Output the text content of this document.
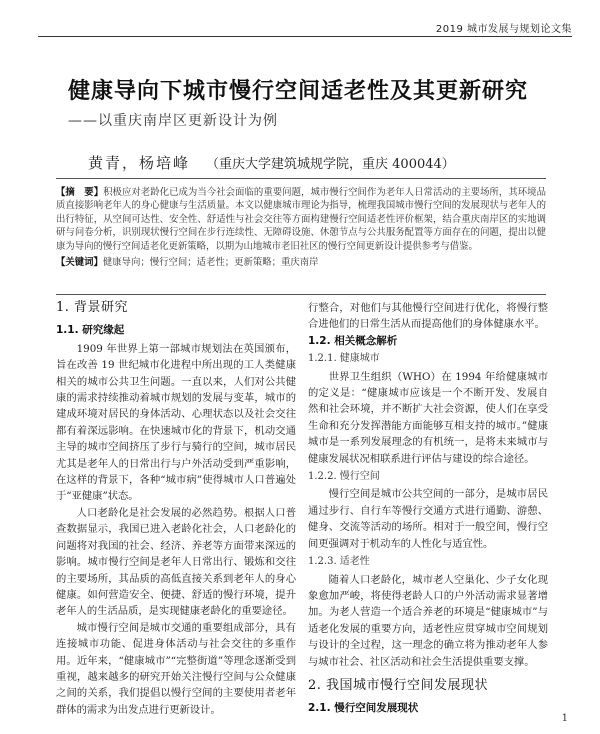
2019 城市发展与规划论文集
健康导向下城市慢行空间适老性及其更新研究
——以重庆南岸区更新设计为例
黄青，杨培峰 （重庆大学建筑城规学院，重庆 400044）
【摘　要】积极应对老龄化已成为当今社会面临的重要问题，城市慢行空间作为老年人日常活动的主要场所，其环境品质直接影响老年人的身心健康与生活质量。本文以健康城市理论为指导，梳理我国城市慢行空间的发展现状与老年人的出行特征，从空间可达性、安全性、舒适性与社会交往等方面构建慢行空间适老性评价框架，结合重庆南岸区的实地调研与问卷分析，识别现状慢行空间在步行连续性、无障碍设施、休憩节点与公共服务配置等方面存在的问题，提出以健康为导向的慢行空间适老化更新策略，以期为山地城市老旧社区的慢行空间更新设计提供参考与借鉴。
【关键词】健康导向；慢行空间；适老性；更新策略；重庆南岸
1. 背景研究
1.1. 研究缘起

1909 年世界上第一部城市规划法在英国颁布，旨在改善 19 世纪城市化进程中所出现的工人类健康相关的城市公共卫生问题。一直以来，人们对公共健康的需求持续推动着城市规划的发展与变革，城市的建成环境对居民的身体活动、心理状态以及社会交往都有着深远影响。在快速城市化的背景下，机动交通主导的城市空间挤压了步行与骑行的空间，城市居民尤其是老年人的日常出行与户外活动受到严重影响，在这样的背景下，各种“城市病”使得城市人口普遍处于“亚健康”状态。

人口老龄化是社会发展的必然趋势。根据人口普查数据显示，我国已进入老龄化社会，人口老龄化的问题将对我国的社会、经济、养老等方面带来深远的影响。城市慢行空间是老年人日常出行、锻炼和交往的主要场所，其品质的高低直接关系到老年人的身心健康。如何营造安全、便捷、舒适的慢行环境，提升老年人的生活品质，是实现健康老龄化的重要途径。

城市慢行空间是城市交通的重要组成部分，具有连接城市功能、促进身体活动与社会交往的多重作用。近年来，“健康城市”“完整街道”等理念逐渐受到重视，越来越多的研究开始关注慢行空间与公众健康之间的关系，我们提倡以慢行空间的主要使用者老年群体的需求为出发点进行更新设计。

行整合，对他们与其他慢行空间进行优化，将慢行整合进他们的日常生活从而提高他们的身体健康水平。

1.2. 相关概念解析
1.2.1. 健康城市

世界卫生组织（WHO）在 1994 年给健康城市的定义是：“健康城市应该是一个不断开发、发展自然和社会环境，并不断扩大社会资源，使人们在享受生命和充分发挥潜能方面能够互相支持的城市。”健康城市是一系列发展理念的有机统一，是将未来城市与健康发展状况相联系进行评估与建设的综合途径。

1.2.2. 慢行空间

慢行空间是城市公共空间的一部分，是城市居民通过步行、自行车等慢行交通方式进行通勤、游憩、健身、交流等活动的场所。相对于一般空间，慢行空间更强调对于机动车的人性化与适宜性。

1.2.3. 适老性

随着人口老龄化，城市老人空巢化、少子女化现象愈加严峻，将使得老龄人口的户外活动需求显著增加。为老人营造一个适合养老的环境是“健康城市”与适老化发展的重要方向，适老性应贯穿城市空间规划与设计的全过程，这一理念的确立将为推动老年人参与城市社会、社区活动和社会生活提供重要支撑。

2. 我国城市慢行空间发展现状
2.1. 慢行空间发展现状
1
